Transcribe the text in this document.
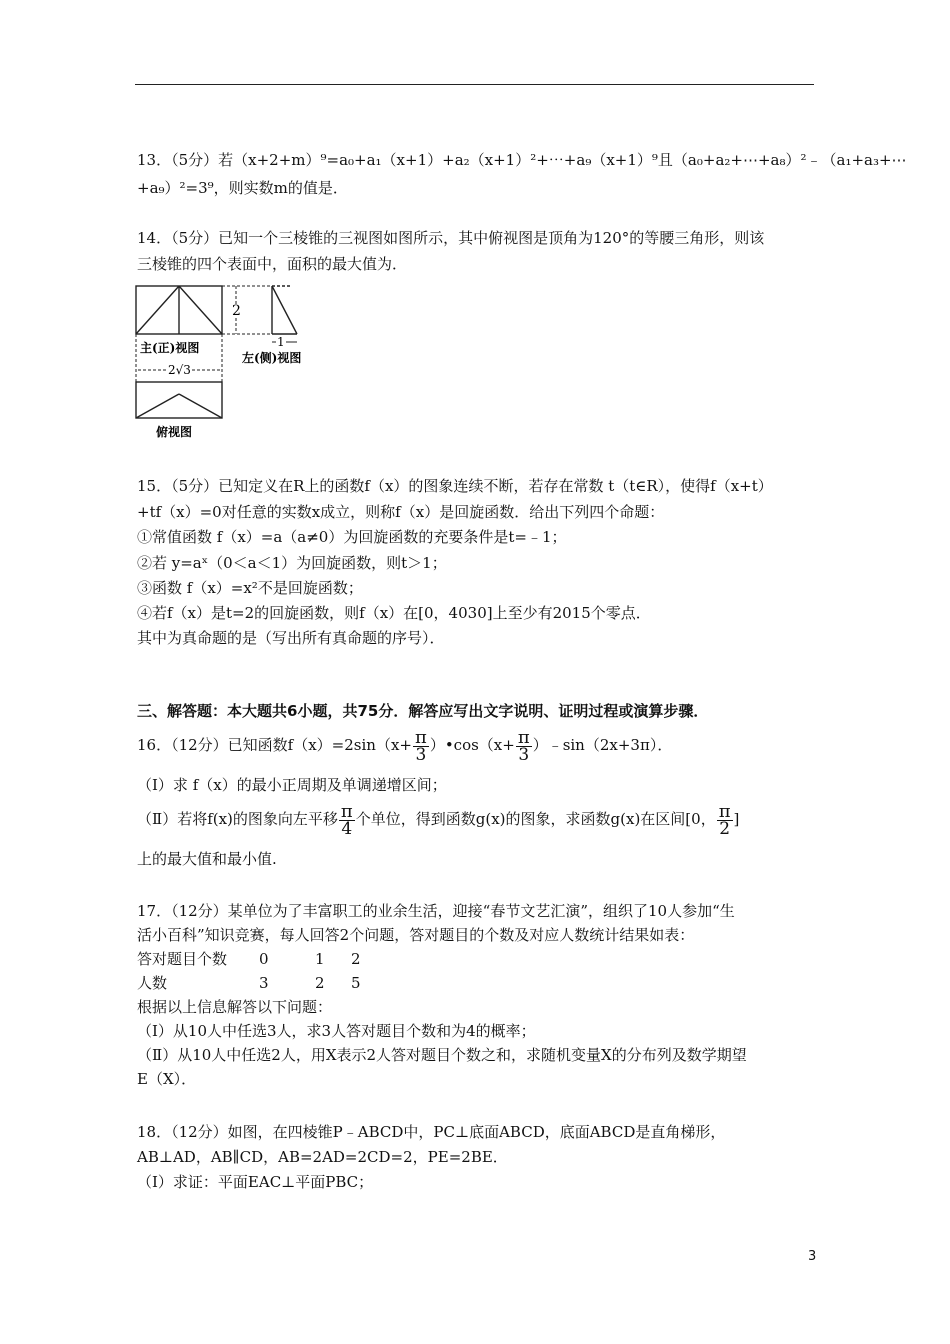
13．（5分）若（x+2+m）⁹=a₀+a₁（x+1）+a₂（x+1）²+⋯+a₉（x+1）⁹且（a₀+a₂+⋯+a₈）²﹣（a₁+a₃+⋯
+a₉）²=3⁹，则实数m的值是．
14．（5分）已知一个三棱锥的三视图如图所示，其中俯视图是顶角为120°的等腰三角形，则该
三棱锥的四个表面中，面积的最大值为．
2
1
主(正)视图
左(侧)视图
2√3
俯视图
15．（5分）已知定义在R上的函数f（x）的图象连续不断，若存在常数 t（t∈R），使得f（x+t）
+tf（x）=0对任意的实数x成立，则称f（x）是回旋函数．给出下列四个命题：
①常值函数 f（x）=a（a≠0）为回旋函数的充要条件是t=﹣1；
②若 y=aˣ（0＜a＜1）为回旋函数，则t＞1；
③函数 f（x）=x²不是回旋函数；
④若f（x）是t=2的回旋函数，则f（x）在[0，4030]上至少有2015个零点．
其中为真命题的是（写出所有真命题的序号）．
三、解答题：本大题共6小题，共75分．解答应写出文字说明、证明过程或演算步骤．
16．（12分）已知函数$f(x)=2\sin(x+ \frac{\pi}{3}$ ）•cos（x+ $\frac{\pi}{3}$ ）﹣sin（2x+3π）．
（I）求 f（x）的最小正周期及单调递增区间；
（Ⅱ）若将f(x)的图象向左平移 $\frac{\pi}{4}$ 个单位，得到函数g(x)的图象，求函数g(x)在区间[0， $\frac{\pi}{2}$ ]
上的最大值和最小值.
17．（12分）某单位为了丰富职工的业余生活，迎接“春节文艺汇演”，组织了10人参加“生
活小百科”知识竞赛，每人回答2个问题，答对题目的个数及对应人数统计结果如表：
答对题目个数 0	1 2
人数	3	2 5
根据以上信息解答以下问题：
（I）从10人中任选3人，求3人答对题目个数和为4的概率；
（Ⅱ）从10人中任选2人，用X表示2人答对题目个数之和，求随机变量X的分布列及数学期望
E（X）．
18．（12分）如图，在四棱锥P﹣ABCD中，PC⊥底面ABCD，底面ABCD是直角梯形，
AB⊥AD，AB∥CD，AB=2AD=2CD=2，PE=2BE．
（I）求证：平面EAC⊥平面PBC；
3
